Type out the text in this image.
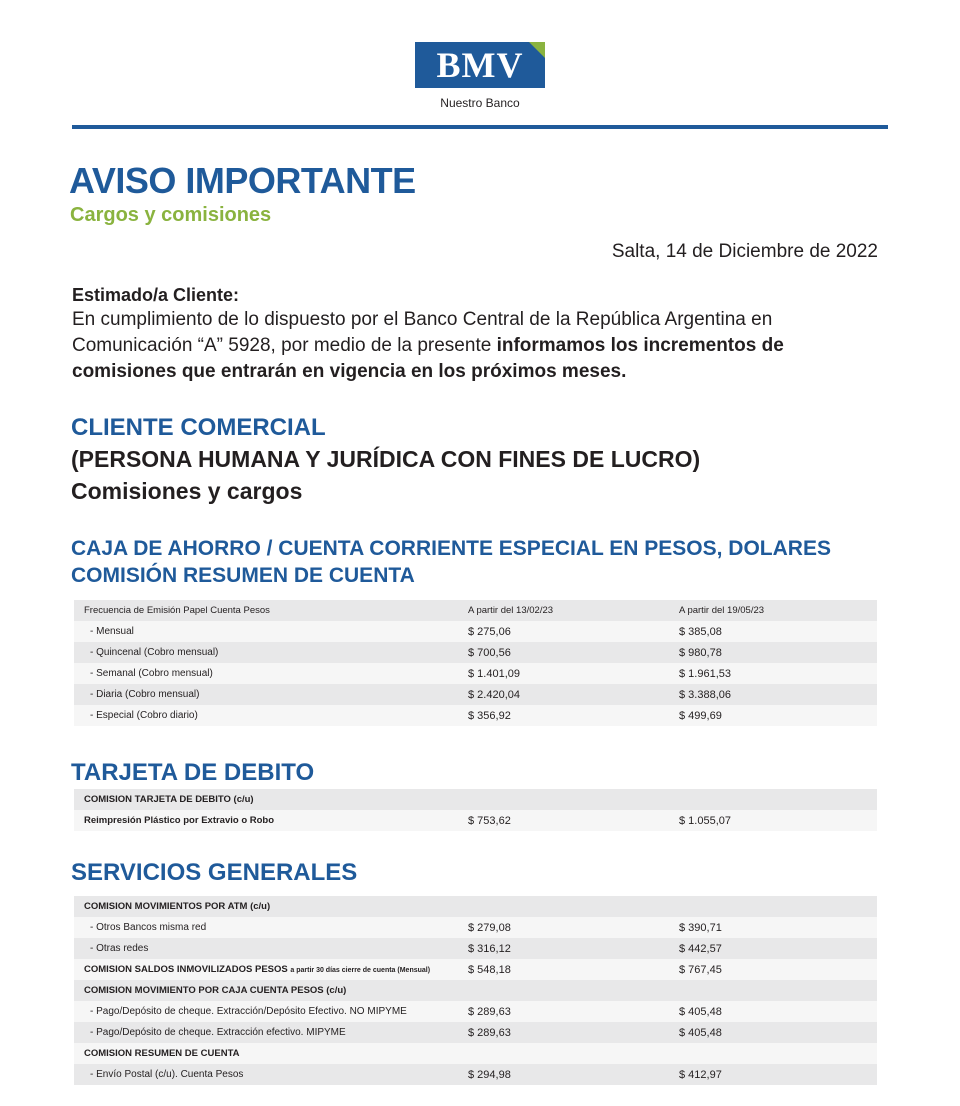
BMV
Nuestro Banco
AVISO IMPORTANTE
Cargos y comisiones
Salta, 14 de Diciembre de 2022
Estimado/a Cliente:
En cumplimiento de lo dispuesto por el Banco Central de la República Argentina en Comunicación “A” 5928, por medio de la presente informamos los incrementos de comisiones que entrarán en vigencia en los próximos meses.
CLIENTE COMERCIAL
(PERSONA HUMANA Y JURÍDICA CON FINES DE LUCRO)
Comisiones y cargos
CAJA DE AHORRO / CUENTA CORRIENTE ESPECIAL EN PESOS, DOLARES
COMISIÓN RESUMEN DE CUENTA
Frecuencia de Emisión Papel Cuenta Pesos	A partir del 13/02/23	A partir del 19/05/23
- Mensual	$ 275,06	$ 385,08
- Quincenal (Cobro mensual)	$ 700,56	$ 980,78
- Semanal (Cobro mensual)	$ 1.401,09	$ 1.961,53
- Diaria (Cobro mensual)	$ 2.420,04	$ 3.388,06
- Especial (Cobro diario)	$ 356,92	$ 499,69
TARJETA DE DEBITO
COMISION TARJETA DE DEBITO (c/u)
Reimpresión Plástico por Extravio o Robo	$ 753,62	$ 1.055,07
SERVICIOS GENERALES
COMISION MOVIMIENTOS POR ATM (c/u)
- Otros Bancos misma red	$ 279,08	$ 390,71
- Otras redes	$ 316,12	$ 442,57
COMISION SALDOS INMOVILIZADOS PESOS a partir 30 días cierre de cuenta (Mensual)	$ 548,18	$ 767,45
COMISION MOVIMIENTO POR CAJA CUENTA PESOS (c/u)
- Pago/Depósito de cheque. Extracción/Depósito Efectivo. NO MIPYME	$ 289,63	$ 405,48
- Pago/Depósito de cheque. Extracción efectivo. MIPYME	$ 289,63	$ 405,48
COMISION RESUMEN DE CUENTA
- Envío Postal (c/u). Cuenta Pesos	$ 294,98	$ 412,97
